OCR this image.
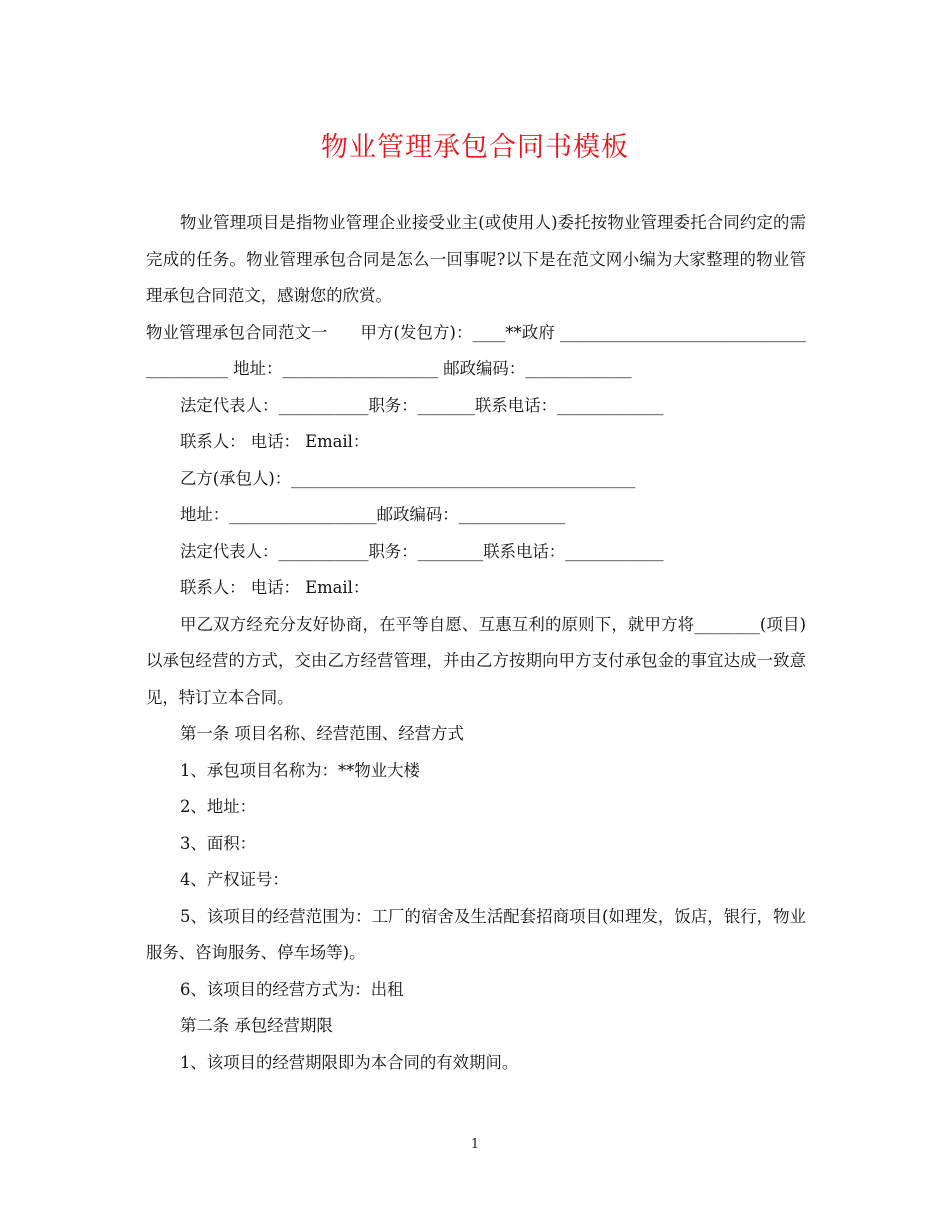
物业管理承包合同书模板

物业管理项目是指物业管理企业接受业主(或使用人)委托按物业管理委托合同约定的需完成的任务。物业管理承包合同是怎么一回事呢?以下是在范文网小编为大家整理的物业管理承包合同范文，感谢您的欣赏。

物业管理承包合同范文一　　甲方(发包方)：____**政府 ________________________________________ 地址：___________________ 邮政编码：_____________

法定代表人：___________职务：_______联系电话：_____________

联系人： 电话： Email：

乙方(承包人)：__________________________________________

地址：__________________邮政编码：_____________

法定代表人：___________职务：________联系电话：____________

联系人： 电话： Email：

甲乙双方经充分友好协商，在平等自愿、互惠互利的原则下，就甲方将________(项目)以承包经营的方式，交由乙方经营管理，并由乙方按期向甲方支付承包金的事宜达成一致意见，特订立本合同。

第一条 项目名称、经营范围、经营方式

1、承包项目名称为：**物业大楼

2、地址：

3、面积：

4、产权证号：

5、该项目的经营范围为：工厂的宿舍及生活配套招商项目(如理发，饭店，银行，物业服务、咨询服务、停车场等)。

6、该项目的经营方式为：出租

第二条 承包经营期限

1、该项目的经营期限即为本合同的有效期间。

1
